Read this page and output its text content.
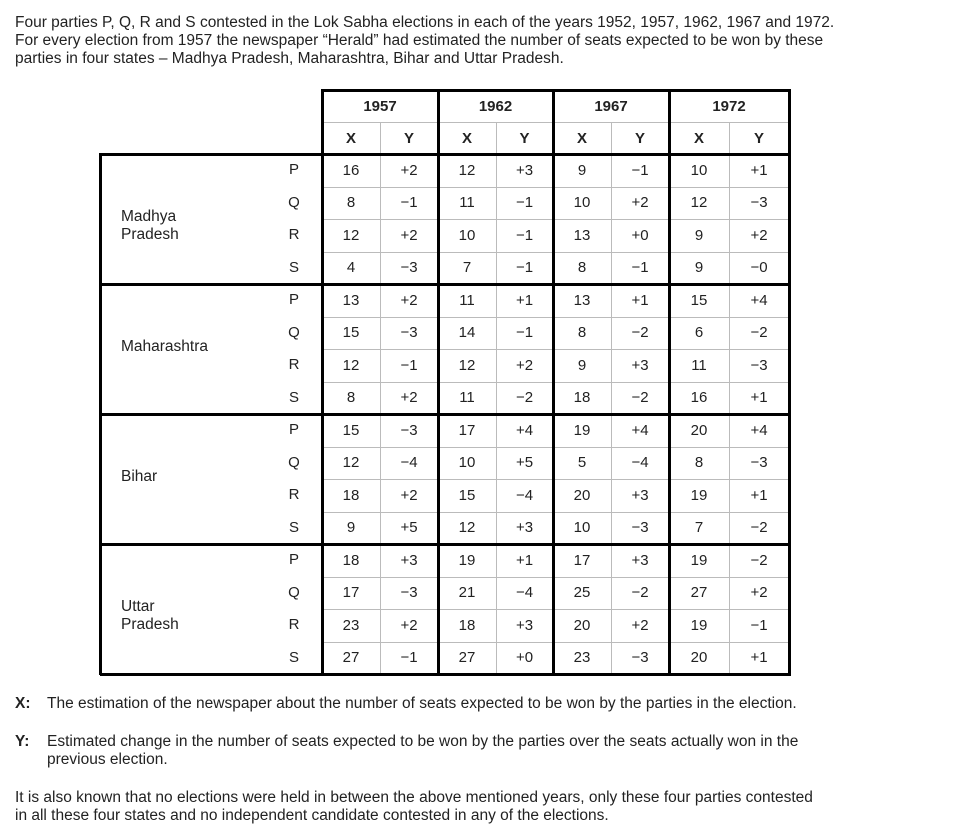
Four parties P, Q, R and S contested in the Lok Sabha elections in each of the years 1952, 1957, 1962, 1967 and 1972.

For every election from 1957 the newspaper “Herald” had estimated the number of seats expected to be won by these

parties in four states – Madhya Pradesh, Maharashtra, Bihar and Uttar Pradesh.

1957	1962	1967	1972
X	Y	X	Y	X	Y	X	Y
Madhya Pradesh
P	16	+2	12	+3	9	−1	10	+1
Q	8	−1	11	−1	10	+2	12	−3
R	12	+2	10	−1	13	+0	9	+2
S	4	−3	7	−1	8	−1	9	−0
Maharashtra
P	13	+2	11	+1	13	+1	15	+4
Q	15	−3	14	−1	8	−2	6	−2
R	12	−1	12	+2	9	+3	11	−3
S	8	+2	11	−2	18	−2	16	+1
Bihar
P	15	−3	17	+4	19	+4	20	+4
Q	12	−4	10	+5	5	−4	8	−3
R	18	+2	15	−4	20	+3	19	+1
S	9	+5	12	+3	10	−3	7	−2
Uttar Pradesh
P	18	+3	19	+1	17	+3	19	−2
Q	17	−3	21	−4	25	−2	27	+2
R	23	+2	18	+3	20	+2	19	−1
S	27	−1	27	+0	23	−3	20	+1
X: The estimation of the newspaper about the number of seats expected to be won by the parties in the election.
Y: Estimated change in the number of seats expected to be won by the parties over the seats actually won in the
previous election.

It is also known that no elections were held in between the above mentioned years, only these four parties contested

in all these four states and no independent candidate contested in any of the elections.
